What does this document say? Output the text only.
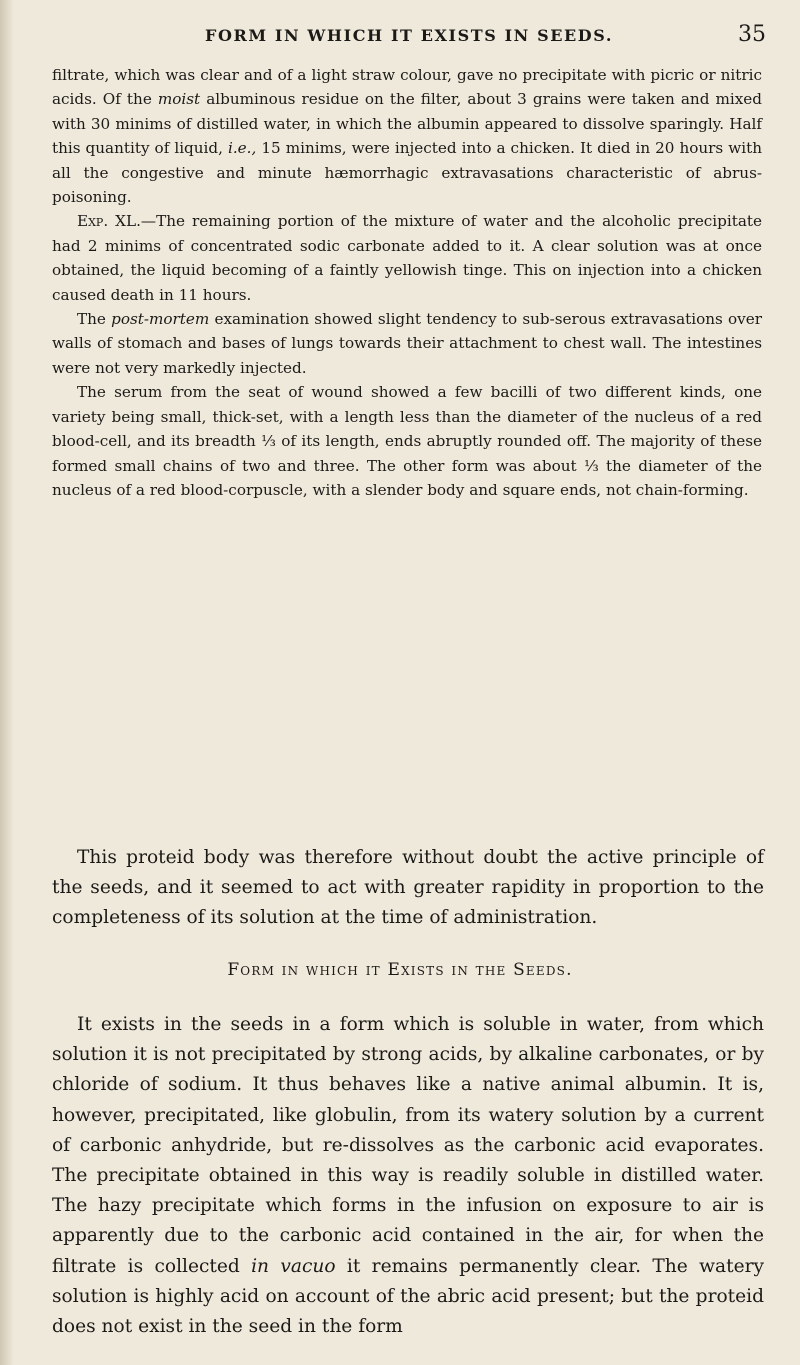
FORM IN WHICH IT EXISTS IN SEEDS.	35

filtrate, which was clear and of a light straw colour, gave no precipitate with picric or nitric acids. Of the moist albuminous residue on the filter, about 3 grains were taken and mixed with 30 minims of distilled water, in which the albumin appeared to dissolve sparingly. Half this quantity of liquid, i.e., 15 minims, were injected into a chicken. It died in 20 hours with all the congestive and minute hæmorrhagic extravasations characteristic of abrus-poisoning.

Exp. XL.—The remaining portion of the mixture of water and the alcoholic precipitate had 2 minims of concentrated sodic carbonate added to it. A clear solution was at once obtained, the liquid becoming of a faintly yellowish tinge. This on injection into a chicken caused death in 11 hours.

The post-mortem examination showed slight tendency to sub-serous extravasations over walls of stomach and bases of lungs towards their attachment to chest wall. The intestines were not very markedly injected.

The serum from the seat of wound showed a few bacilli of two different kinds, one variety being small, thick-set, with a length less than the diameter of the nucleus of a red blood-cell, and its breadth ⅓ of its length, ends abruptly rounded off. The majority of these formed small chains of two and three. The other form was about ⅓ the diameter of the nucleus of a red blood-corpuscle, with a slender body and square ends, not chain-forming.

This proteid body was therefore without doubt the active principle of the seeds, and it seemed to act with greater rapidity in proportion to the completeness of its solution at the time of administration.

Form in which it Exists in the Seeds.

It exists in the seeds in a form which is soluble in water, from which solution it is not precipitated by strong acids, by alkaline carbonates, or by chloride of sodium. It thus behaves like a native animal albumin. It is, however, precipitated, like globulin, from its watery solution by a current of carbonic anhydride, but re-dissolves as the carbonic acid evaporates. The precipitate obtained in this way is readily soluble in distilled water. The hazy precipitate which forms in the infusion on exposure to air is apparently due to the carbonic acid contained in the air, for when the filtrate is collected in vacuo it remains permanently clear. The watery solution is highly acid on account of the abric acid present; but the proteid does not exist in the seed in the form
